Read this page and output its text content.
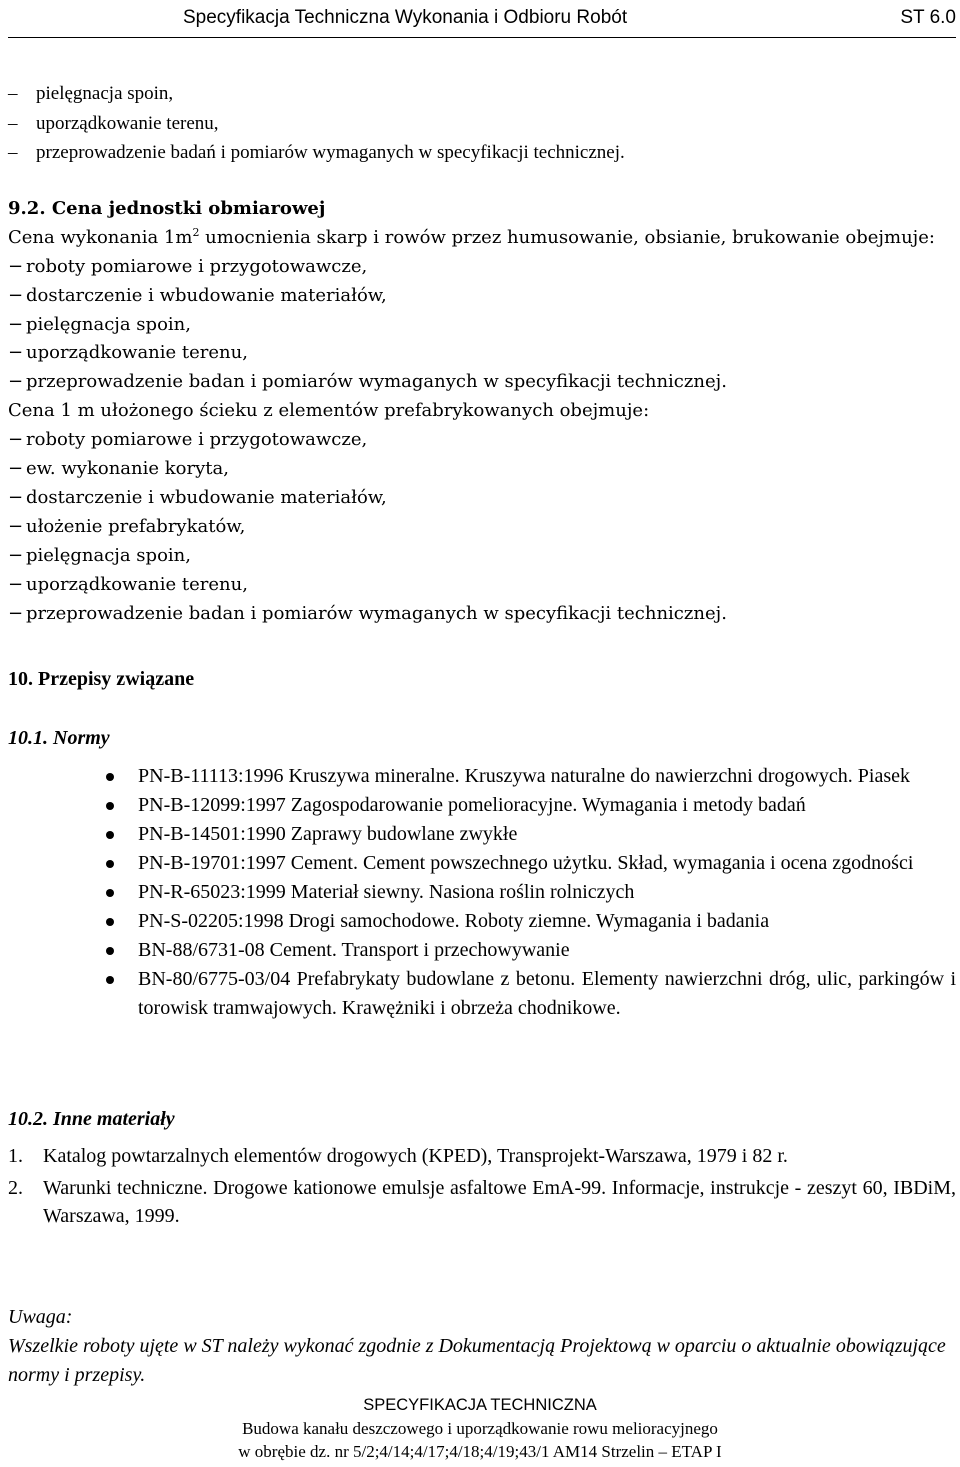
Specyfikacja Techniczna Wykonania i Odbioru Robót	ST 6.0
– pielęgnacja spoin,
– uporządkowanie terenu,
– przeprowadzenie badań i pomiarów wymaganych w specyfikacji technicznej.
9.2. Cena jednostki obmiarowej
Cena wykonania $1m^2$ umocnienia skarp i rowów przez humusowanie, obsianie, brukowanie obejmuje:
− roboty pomiarowe i przygotowawcze,
− dostarczenie i wbudowanie materiałów,
− pielęgnacja spoin,
− uporządkowanie terenu,
− przeprowadzenie badan i pomiarów wymaganych w specyfikacji technicznej.
Cena 1 m ułożonego ścieku z elementów prefabrykowanych obejmuje:
− roboty pomiarowe i przygotowawcze,
− ew. wykonanie koryta,
− dostarczenie i wbudowanie materiałów,
− ułożenie prefabrykatów,
− pielęgnacja spoin,
− uporządkowanie terenu,
− przeprowadzenie badan i pomiarów wymaganych w specyfikacji technicznej.
10. Przepisy związane
10.1. Normy
PN-B-11113:1996 Kruszywa mineralne. Kruszywa naturalne do nawierzchni drogowych. Piasek
PN-B-12099:1997 Zagospodarowanie pomelioracyjne. Wymagania i metody badań
PN-B-14501:1990 Zaprawy budowlane zwykłe
PN-B-19701:1997 Cement. Cement powszechnego użytku. Skład, wymagania i ocena zgodności
PN-R-65023:1999 Materiał siewny. Nasiona roślin rolniczych
PN-S-02205:1998 Drogi samochodowe. Roboty ziemne. Wymagania i badania
BN-88/6731-08 Cement. Transport i przechowywanie
BN-80/6775-03/04 Prefabrykaty budowlane z betonu. Elementy nawierzchni dróg, ulic, parkingów i torowisk tramwajowych. Krawężniki i obrzeża chodnikowe.
10.2. Inne materiały
1. Katalog powtarzalnych elementów drogowych (KPED), Transprojekt-Warszawa, 1979 i 82 r.
2. Warunki techniczne. Drogowe kationowe emulsje asfaltowe EmA-99. Informacje, instrukcje - zeszyt 60, IBDiM, Warszawa, 1999.
Uwaga:
Wszelkie roboty ujęte w ST należy wykonać zgodnie z Dokumentacją Projektową w oparciu o aktualnie obowiązujące normy i przepisy.
SPECYFIKACJA TECHNICZNA
Budowa kanału deszczowego i uporządkowanie rowu melioracyjnego
w obrębie dz. nr 5/2;4/14;4/17;4/18;4/19;43/1 AM14 Strzelin – ETAP I
